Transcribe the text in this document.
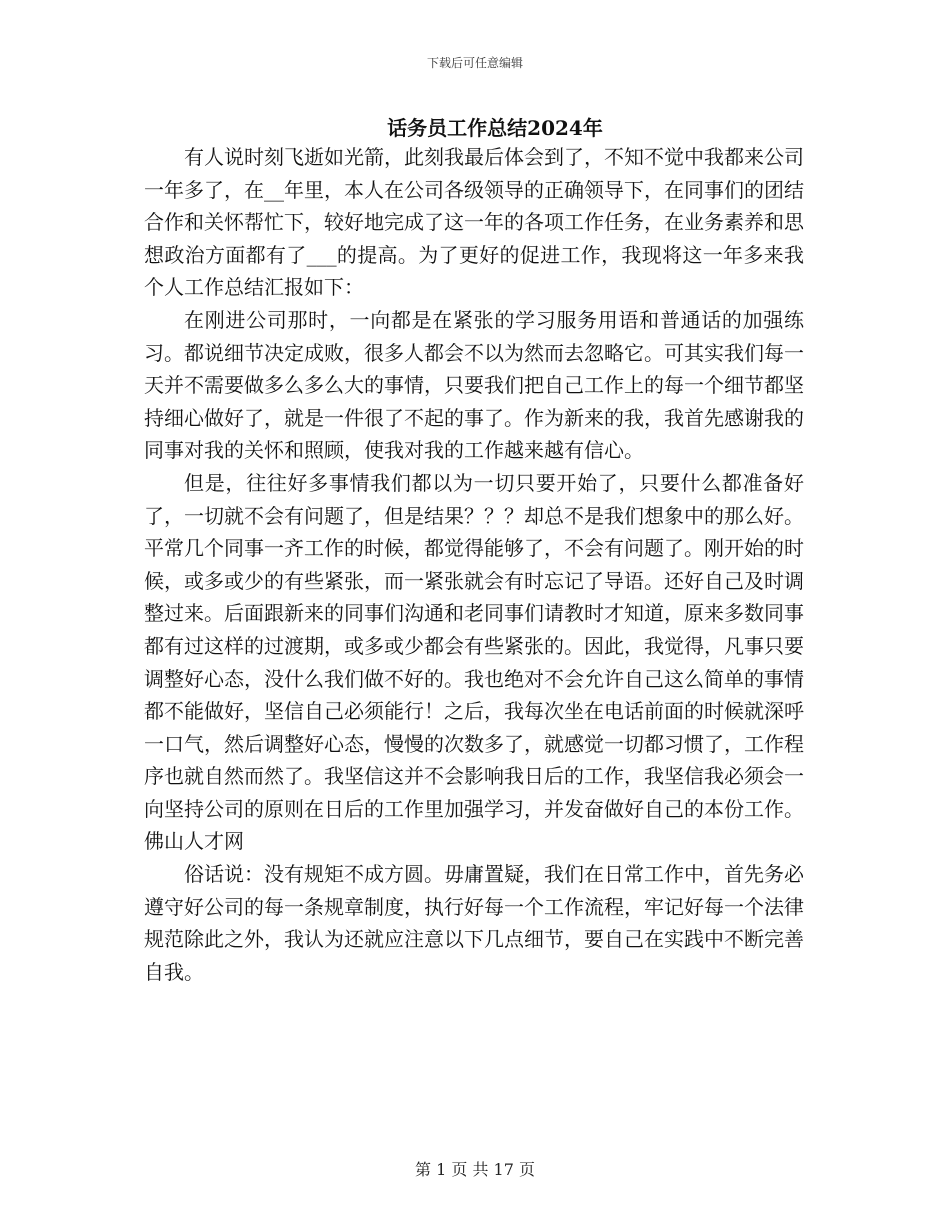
下载后可任意编辑
话务员工作总结2024年

有人说时刻飞逝如光箭，此刻我最后体会到了，不知不觉中我都来公司一年多了，在__年里，本人在公司各级领导的正确领导下，在同事们的团结合作和关怀帮忙下，较好地完成了这一年的各项工作任务，在业务素养和思想政治方面都有了___的提高。为了更好的促进工作，我现将这一年多来我个人工作总结汇报如下：

在刚进公司那时，一向都是在紧张的学习服务用语和普通话的加强练习。都说细节决定成败，很多人都会不以为然而去忽略它。可其实我们每一天并不需要做多么多么大的事情，只要我们把自己工作上的每一个细节都坚持细心做好了，就是一件很了不起的事了。作为新来的我，我首先感谢我的同事对我的关怀和照顾，使我对我的工作越来越有信心。

但是，往往好多事情我们都以为一切只要开始了，只要什么都准备好了，一切就不会有问题了，但是结果？？？却总不是我们想象中的那么好。平常几个同事一齐工作的时候，都觉得能够了，不会有问题了。刚开始的时候，或多或少的有些紧张，而一紧张就会有时忘记了导语。还好自己及时调整过来。后面跟新来的同事们沟通和老同事们请教时才知道，原来多数同事都有过这样的过渡期，或多或少都会有些紧张的。因此，我觉得，凡事只要调整好心态，没什么我们做不好的。我也绝对不会允许自己这么简单的事情都不能做好，坚信自己必须能行！之后，我每次坐在电话前面的时候就深呼一口气，然后调整好心态，慢慢的次数多了，就感觉一切都习惯了，工作程序也就自然而然了。我坚信这并不会影响我日后的工作，我坚信我必须会一向坚持公司的原则在日后的工作里加强学习，并发奋做好自己的本份工作。佛山人才网

俗话说：没有规矩不成方圆。毋庸置疑，我们在日常工作中，首先务必遵守好公司的每一条规章制度，执行好每一个工作流程，牢记好每一个法律规范除此之外，我认为还就应注意以下几点细节，要自己在实践中不断完善自我。

第 1 页 共 17 页
